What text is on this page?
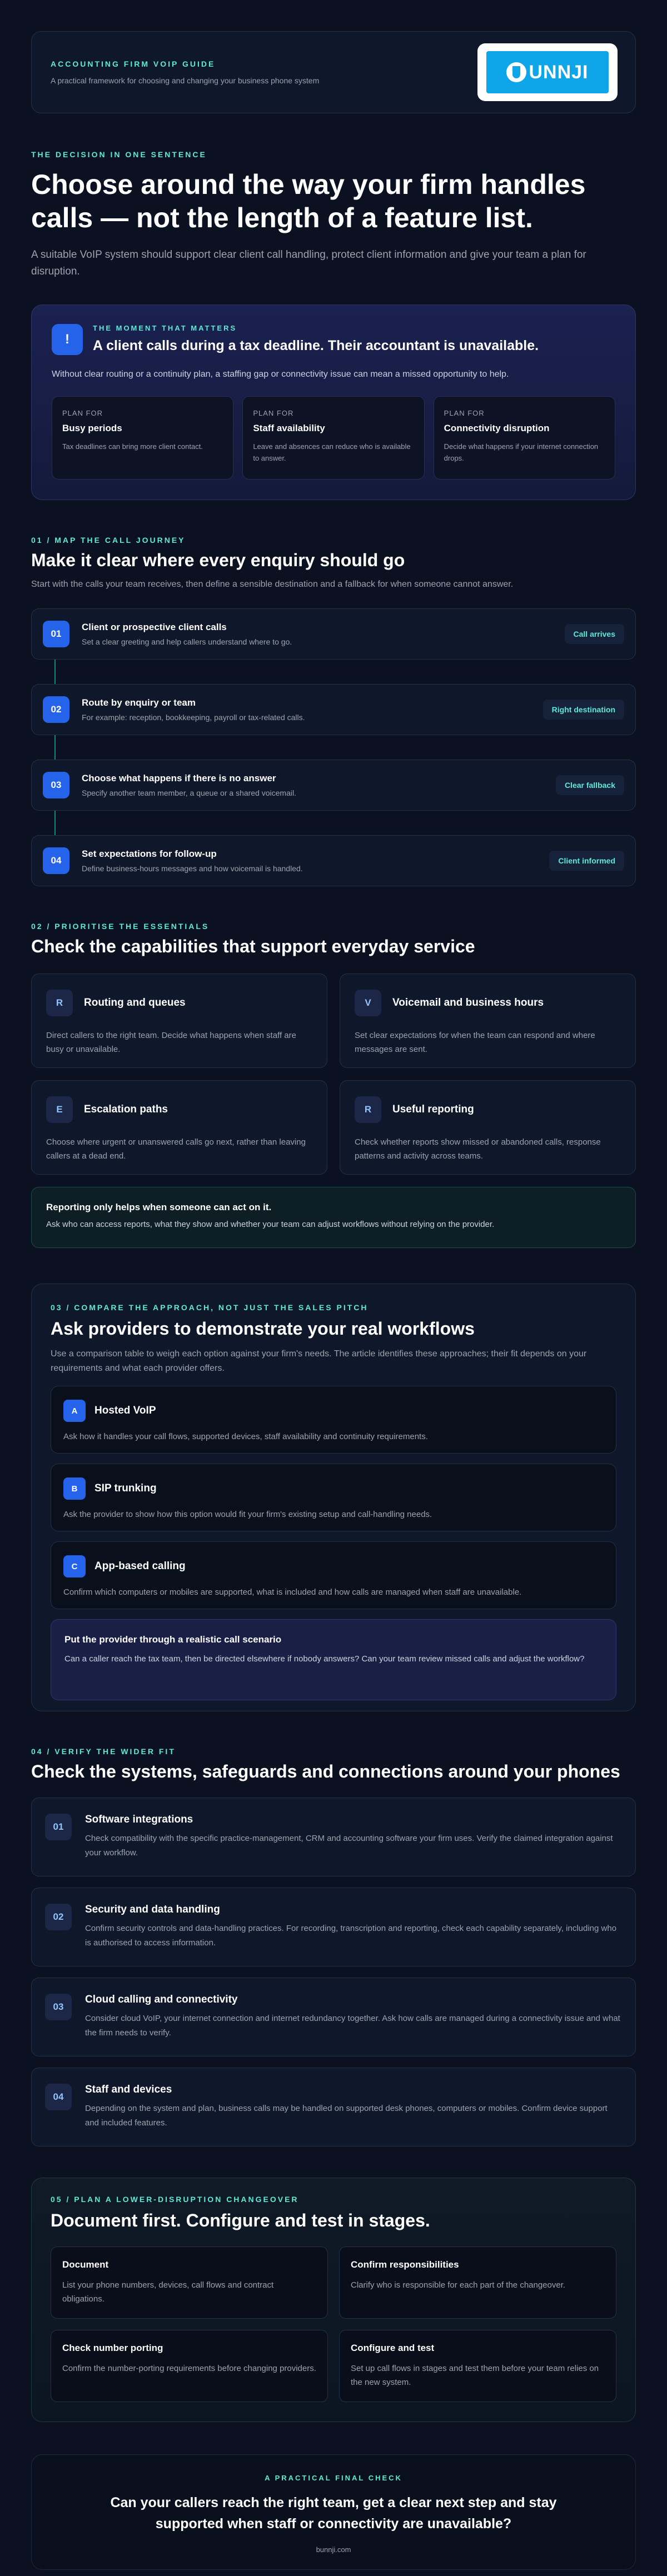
ACCOUNTING FIRM VOIP GUIDE
A practical framework for choosing and changing your business phone system	UNNJI
THE DECISION IN ONE SENTENCE
Choose around the way your firm handles calls — not the length of a feature list.

A suitable VoIP system should support clear client call handling, protect client information and give your team a plan for disruption.

!
THE MOMENT THAT MATTERS
A client calls during a tax deadline. Their accountant is unavailable.
Without clear routing or a continuity plan, a staffing gap or connectivity issue can mean a missed opportunity to help.
PLAN FOR
Busy periods
Tax deadlines can bring more client contact.
PLAN FOR
Staff availability
Leave and absences can reduce who is available to answer.
PLAN FOR
Connectivity disruption
Decide what happens if your internet connection drops.
01 / MAP THE CALL JOURNEY
Make it clear where every enquiry should go
Start with the calls your team receives, then define a sensible destination and a fallback for when someone cannot answer.
01
Client or prospective client calls
Set a clear greeting and help callers understand where to go.
Call arrives
02
Route by enquiry or team
For example: reception, bookkeeping, payroll or tax-related calls.
Right destination
03
Choose what happens if there is no answer
Specify another team member, a queue or a shared voicemail.
Clear fallback
04
Set expectations for follow-up
Define business-hours messages and how voicemail is handled.
Client informed
02 / PRIORITISE THE ESSENTIALS
Check the capabilities that support everyday service
R	Routing and queues
Direct callers to the right team. Decide what happens when staff are busy or unavailable.
V	Voicemail and business hours
Set clear expectations for when the team can respond and where messages are sent.
E	Escalation paths
Choose where urgent or unanswered calls go next, rather than leaving callers at a dead end.
R	Useful reporting
Check whether reports show missed or abandoned calls, response patterns and activity across teams.
Reporting only helps when someone can act on it.
Ask who can access reports, what they show and whether your team can adjust workflows without relying on the provider.
03 / COMPARE THE APPROACH, NOT JUST THE SALES PITCH
Ask providers to demonstrate your real workflows
Use a comparison table to weigh each option against your firm's needs. The article identifies these approaches; their fit depends on your requirements and what each provider offers.
A	Hosted VoIP
Ask how it handles your call flows, supported devices, staff availability and continuity requirements.
B	SIP trunking
Ask the provider to show how this option would fit your firm's existing setup and call-handling needs.
C	App-based calling
Confirm which computers or mobiles are supported, what is included and how calls are managed when staff are unavailable.
Put the provider through a realistic call scenario
Can a caller reach the tax team, then be directed elsewhere if nobody answers? Can your team review missed calls and adjust the workflow?
04 / VERIFY THE WIDER FIT
Check the systems, safeguards and connections around your phones
01
Software integrations
Check compatibility with the specific practice-management, CRM and accounting software your firm uses. Verify the claimed integration against your workflow.
02
Security and data handling
Confirm security controls and data-handling practices. For recording, transcription and reporting, check each capability separately, including who is authorised to access information.
03
Cloud calling and connectivity
Consider cloud VoIP, your internet connection and internet redundancy together. Ask how calls are managed during a connectivity issue and what the firm needs to verify.
04
Staff and devices
Depending on the system and plan, business calls may be handled on supported desk phones, computers or mobiles. Confirm device support and included features.
05 / PLAN A LOWER-DISRUPTION CHANGEOVER
Document first. Configure and test in stages.
Document
List your phone numbers, devices, call flows and contract obligations.
Confirm responsibilities
Clarify who is responsible for each part of the changeover.
Check number porting
Confirm the number-porting requirements before changing providers.
Configure and test
Set up call flows in stages and test them before your team relies on the new system.
A PRACTICAL FINAL CHECK
Can your callers reach the right team, get a clear next step and stay supported when staff or connectivity are unavailable?
bunnji.com
